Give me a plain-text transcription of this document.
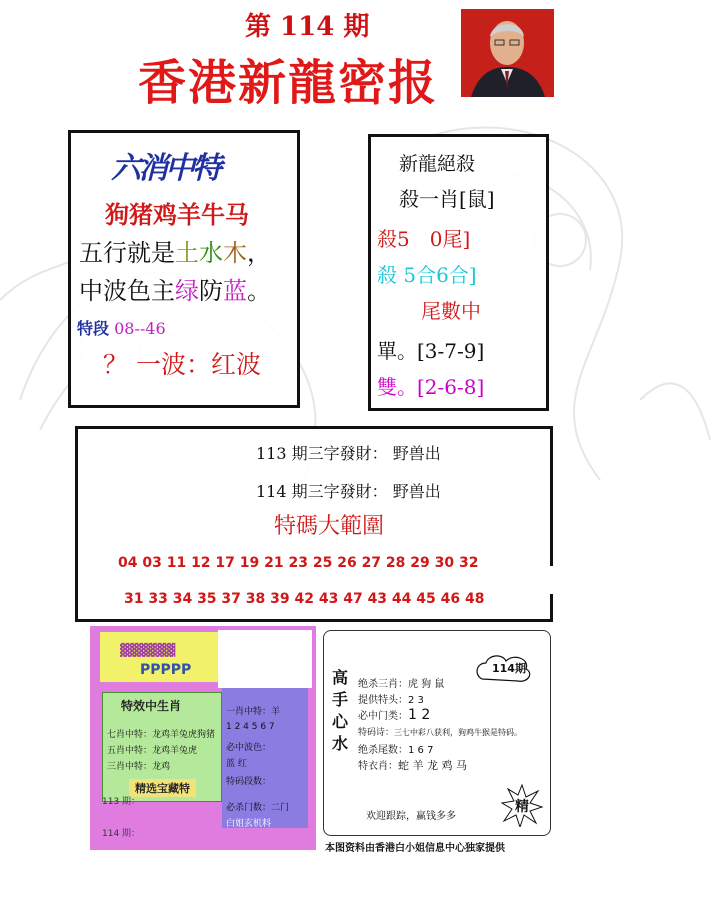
第 114 期
香港新龍密报
六消中特
狗猪鸡羊牛马
五行就是土水木，
中波色主绿防蓝。
特段 08--46
？ 一波：红波
新龍絕殺
殺一肖[鼠]
殺5　0尾]
殺 5合6合]
尾數中
單。[3-7-9]
雙。[2-6-8]
113 期三字發財： 野兽出
114 期三字發財： 野兽出
特碼大範圍
04 03 11 12 17 19 21 23 25 26 27 28 29 30 32
31 33 34 35 37 38 39 42 43 47 43 44 45 46 48
▓▓▓▓▓▓
PPPPP
特效中生肖
七肖中特：龙鸡羊兔虎狗猪
五肖中特：龙鸡羊兔虎
三肖中特：龙鸡
精选宝藏特
113 期：
114 期：
一肖中特：羊
1 2 4 5 6 7
必中波色：
蓝 红
特码段数：
必杀门数：二门
白姐玄机料
高手心水
114期
绝杀三肖：虎 狗 鼠
提供特头：2 3
必中门类：1 2
特码诗：三七中彩八获利，狗鸡牛猴是特码。
绝杀尾数：1 6 7
特衣肖：蛇 羊 龙 鸡 马
欢迎跟踪，赢钱多多
精
本图资料由香港白小姐信息中心独家提供
